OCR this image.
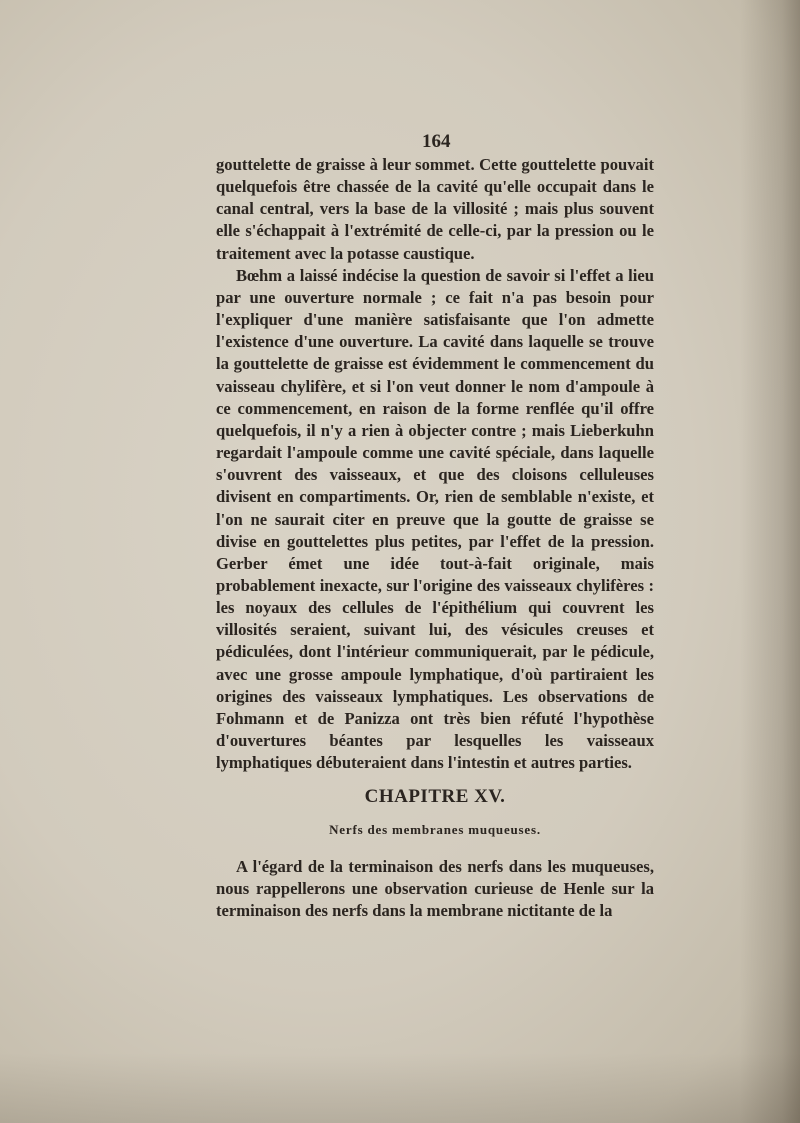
164

gouttelette de graisse à leur sommet. Cette gouttelette pouvait quelquefois être chassée de la cavité qu'elle occupait dans le canal central, vers la base de la villosité ; mais plus souvent elle s'échappait à l'extrémité de celle-ci, par la pression ou le traitement avec la potasse caustique.

Bœhm a laissé indécise la question de savoir si l'effet a lieu par une ouverture normale ; ce fait n'a pas besoin pour l'expliquer d'une manière satisfaisante que l'on admette l'existence d'une ouverture. La cavité dans laquelle se trouve la gouttelette de graisse est évidemment le commencement du vaisseau chylifère, et si l'on veut donner le nom d'ampoule à ce commencement, en raison de la forme renflée qu'il offre quelquefois, il n'y a rien à objecter contre ; mais Lieberkuhn regardait l'ampoule comme une cavité spéciale, dans laquelle s'ouvrent des vaisseaux, et que des cloisons celluleuses divisent en compartiments. Or, rien de semblable n'existe, et l'on ne saurait citer en preuve que la goutte de graisse se divise en gouttelettes plus petites, par l'effet de la pression. Gerber émet une idée tout-à-fait originale, mais probablement inexacte, sur l'origine des vaisseaux chylifères : les noyaux des cellules de l'épithélium qui couvrent les villosités seraient, suivant lui, des vésicules creuses et pédiculées, dont l'intérieur communiquerait, par le pédicule, avec une grosse ampoule lymphatique, d'où partiraient les origines des vaisseaux lymphatiques. Les observations de Fohmann et de Panizza ont très bien réfuté l'hypothèse d'ouvertures béantes par lesquelles les vaisseaux lymphatiques débuteraient dans l'intestin et autres parties.

CHAPITRE XV.
Nerfs des membranes muqueuses.

A l'égard de la terminaison des nerfs dans les muqueuses, nous rappellerons une observation curieuse de Henle sur la terminaison des nerfs dans la membrane nictitante de la
